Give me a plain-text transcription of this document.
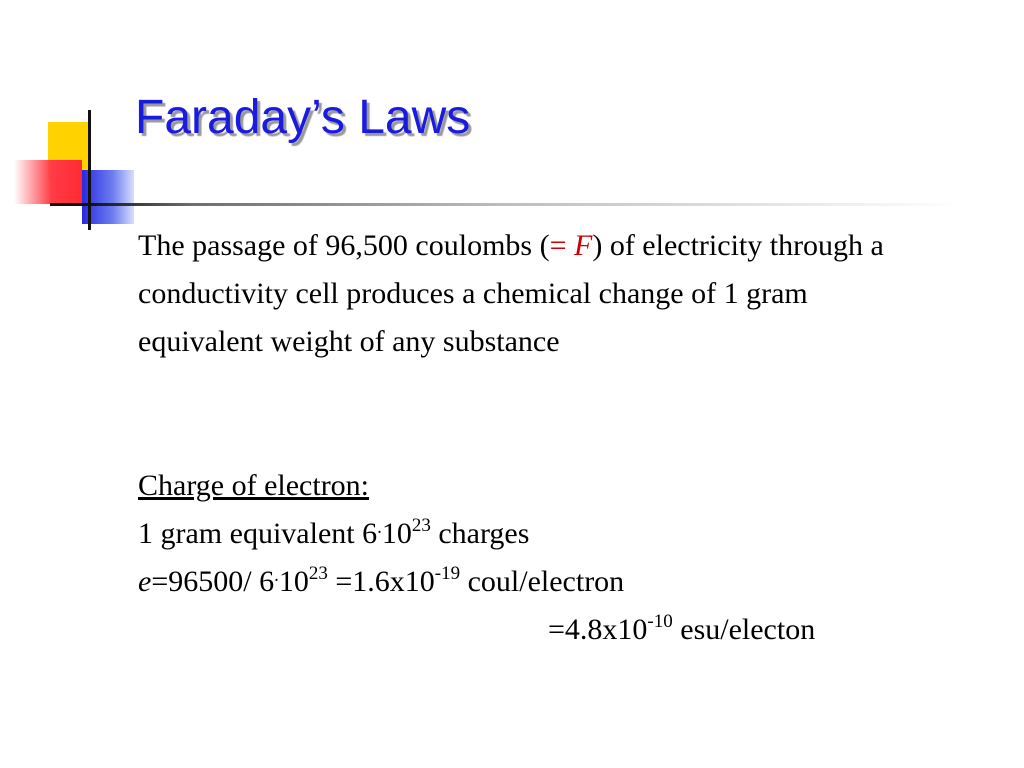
Faraday’s Laws

The passage of 96,500 coulombs (= F) of electricity through a conductivity cell produces a chemical change of 1 gram equivalent weight of any substance

Charge of electron:

1 gram equivalent $6^.10^{23}$ charges

e=96500/ $6^.10^{23} =1.6x10^{-19}$ coul/electron

$=4.8x10^{-10}$ esu/electon
